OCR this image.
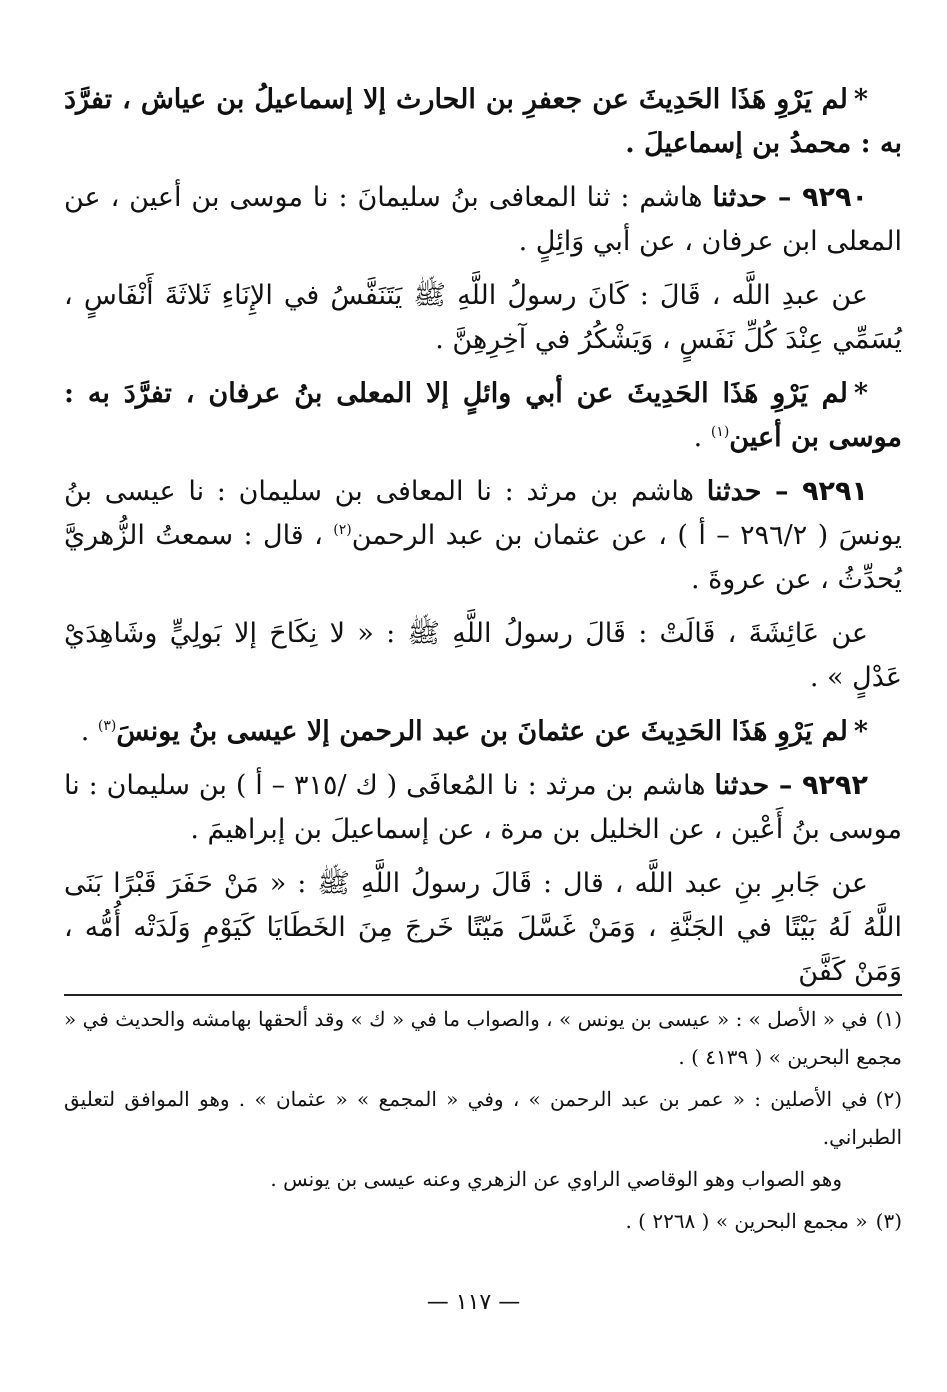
*لم يَرْوِ هَذَا الحَدِيثَ عن جعفرِ بن الحارث إلا إسماعيلُ بن عياش ، تفرَّدَ به : محمدُ بن إسماعيلَ .

٩٢٩٠ – حدثنا هاشم : ثنا المعافى بنُ سليمانَ : نا موسى بن أعين ، عن المعلى ابن عرفان ، عن أبي وَائِلٍ .

عن عبدِ اللَّه ، قَالَ : كَانَ رسولُ اللَّهِ ﷺ يَتَنَفَّسُ في الإِنَاءِ ثَلاثَةَ أَنْفَاسٍ ، يُسَمِّي عِنْدَ كُلِّ نَفَسٍ ، وَيَشْكُرُ في آخِرِهِنَّ .

*لم يَرْوِ هَذَا الحَدِيثَ عن أبي وائلٍ إلا المعلى بنُ عرفان ، تفرَّدَ به : موسى بن أعين$^{(١)}$ .

٩٢٩١ – حدثنا هاشم بن مرثد : نا المعافى بن سليمان : نا عيسى بنُ يونسَ ( ٢٩٦/٢ – أ ) ، عن عثمان بن عبد الرحمن$^{(٢)}$ ، قال : سمعتُ الزُّهريَّ يُحدِّثُ ، عن عروةَ .

عن عَائِشَةَ ، قَالَتْ : قَالَ رسولُ اللَّهِ ﷺ : « لا نِكَاحَ إلا بَولِيٍّ وشَاهِدَيْ عَدْلٍ » .

*لم يَرْوِ هَذَا الحَدِيثَ عن عثمانَ بن عبد الرحمن إلا عيسى بنُ يونسَ$^{(٣)}$ .

٩٢٩٢ – حدثنا هاشم بن مرثد : نا المُعافَى ( ك /٣١٥ – أ ) بن سليمان : نا موسى بنُ أَعْين ، عن الخليل بن مرة ، عن إسماعيلَ بن إبراهيمَ .

عن جَابرِ بنِ عبد اللَّه ، قال : قَالَ رسولُ اللَّهِ ﷺ : « مَنْ حَفَرَ قَبْرًا بَنَى اللَّهُ لَهُ بَيْتًا في الجَنَّةِ ، وَمَنْ غَسَّلَ مَيّتًا خَرجَ مِنَ الخَطَايَا كَيَوْمِ وَلَدَتْه أُمُّه ، وَمَنْ كَفَّنَ

(١)في « الأصل » : « عيسى بن يونس » ، والصواب ما في « ك » وقد ألحقها بهامشه والحديث في « مجمع البحرين » ( ٤١٣٩ ) .

(٢)في الأصلين : « عمر بن عبد الرحمن » ، وفي « المجمع » « عثمان » . وهو الموافق لتعليق الطبراني.

وهو الصواب وهو الوقاصي الراوي عن الزهري وعنه عيسى بن يونس .

(٣)« مجمع البحرين » ( ٢٢٦٨ ) .

— ١١٧ —
